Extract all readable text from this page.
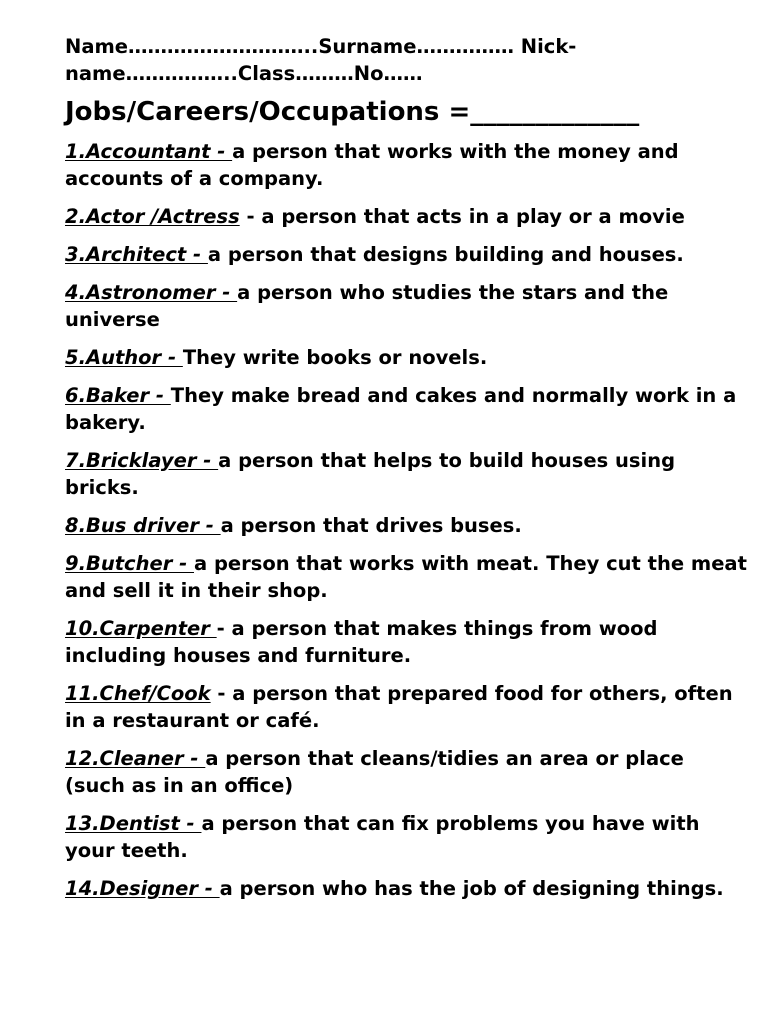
Name………………………..Surname…………… Nick-

name……………..Class………No……

Jobs/Careers/Occupations =_____________
1.Accountant - a person that works with the money and accounts of a company.
2.Actor /Actress - a person that acts in a play or a movie
3.Architect - a person that designs building and houses.
4.Astronomer - a person who studies the stars and the universe
5.Author - They write books or novels.
6.Baker - They make bread and cakes and normally work in a bakery.
7.Bricklayer - a person that helps to build houses using bricks.
8.Bus driver - a person that drives buses.
9.Butcher - a person that works with meat. They cut the meat and sell it in their shop.
10.Carpenter - a person that makes things from wood including houses and furniture.
11.Chef/Cook - a person that prepared food for others, often in a restaurant or café.
12.Cleaner - a person that cleans/tidies an area or place (such as in an office)
13.Dentist - a person that can fix problems you have with your teeth.
14.Designer - a person who has the job of designing things.
